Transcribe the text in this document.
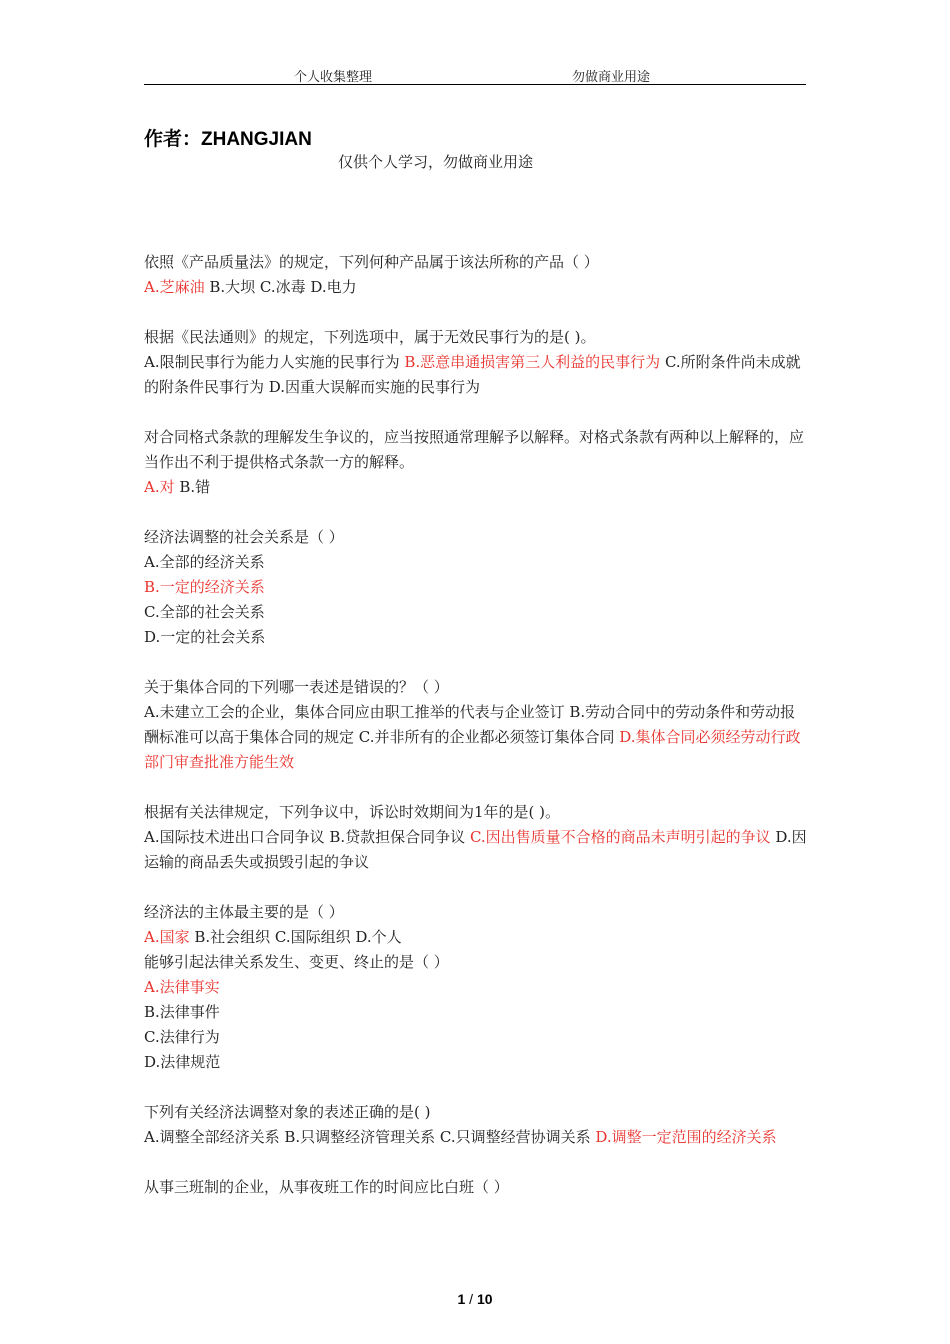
个人收集整理	勿做商业用途
作者：ZHANGJIAN
仅供个人学习，勿做商业用途

依照《产品质量法》的规定，下列何种产品属于该法所称的产品（ ）

A.芝麻油 B.大坝 C.冰毒 D.电力

根据《民法通则》的规定，下列选项中，属于无效民事行为的是( )。

A.限制民事行为能力人实施的民事行为 B.恶意串通损害第三人利益的民事行为 C.所附条件尚未成就的附条件民事行为 D.因重大误解而实施的民事行为

对合同格式条款的理解发生争议的，应当按照通常理解予以解释。对格式条款有两种以上解释的，应当作出不利于提供格式条款一方的解释。

A.对 B.错

经济法调整的社会关系是（ ）

A.全部的经济关系

B.一定的经济关系

C.全部的社会关系

D.一定的社会关系

关于集体合同的下列哪一表述是错误的？（ ）

A.未建立工会的企业，集体合同应由职工推举的代表与企业签订 B.劳动合同中的劳动条件和劳动报酬标准可以高于集体合同的规定 C.并非所有的企业都必须签订集体合同 D.集体合同必须经劳动行政部门审查批准方能生效

根据有关法律规定，下列争议中，诉讼时效期间为1年的是( )。

A.国际技术进出口合同争议 B.贷款担保合同争议 C.因出售质量不合格的商品未声明引起的争议 D.因运输的商品丢失或损毁引起的争议

经济法的主体最主要的是（ ）

A.国家 B.社会组织 C.国际组织 D.个人

能够引起法律关系发生、变更、终止的是（ ）

A.法律事实

B.法律事件

C.法律行为

D.法律规范

下列有关经济法调整对象的表述正确的是( )

A.调整全部经济关系 B.只调整经济管理关系 C.只调整经营协调关系 D.调整一定范围的经济关系

从事三班制的企业，从事夜班工作的时间应比白班（ ）

1 / 10
